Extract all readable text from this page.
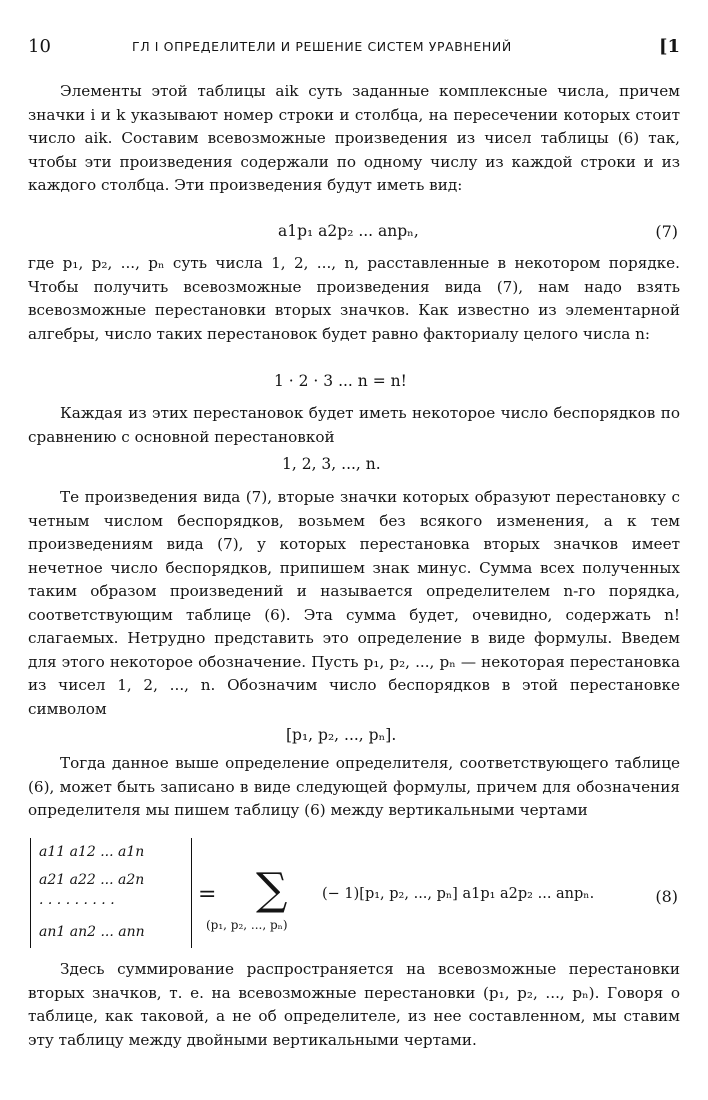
10	ГЛ I ОПРЕДЕЛИТЕЛИ И РЕШЕНИЕ СИСТЕМ УРАВНЕНИЙ	[1
Элементы этой таблицы aik суть заданные комплексные числа, причем значки i и k указывают номер строки и столбца, на пересечении которых стоит число aik. Составим всевозможные произведения из чисел таблицы (6) так, чтобы эти произведения содержали по одному числу из каждой строки и из каждого столбца. Эти произведения будут иметь вид:
a1p₁ a2p₂ ... anpₙ,	(7)
где p₁, p₂, ..., pₙ суть числа 1, 2, ..., n, расставленные в некотором порядке. Чтобы получить всевозможные произведения вида (7), нам надо взять всевозможные перестановки вторых значков. Как известно из элементарной алгебры, число таких перестановок будет равно факториалу целого числа n:
1 · 2 · 3 ... n = n!
Каждая из этих перестановок будет иметь некоторое число беспорядков по сравнению с основной перестановкой
1, 2, 3, ..., n.
Те произведения вида (7), вторые значки которых образуют перестановку с четным числом беспорядков, возьмем без всякого изменения, а к тем произведениям вида (7), у которых перестановка вторых значков имеет нечетное число беспорядков, припишем знак минус. Сумма всех полученных таким образом произведений и называется определителем n-го порядка, соответствующим таблице (6). Эта сумма будет, очевидно, содержать n! слагаемых. Нетрудно представить это определение в виде формулы. Введем для этого некоторое обозначение. Пусть p₁, p₂, ..., pₙ — некоторая перестановка из чисел 1, 2, ..., n. Обозначим число беспорядков в этой перестановке символом
[p₁, p₂, ..., pₙ].
Тогда данное выше определение определителя, соответствующего таблице (6), может быть записано в виде следующей формулы, причем для обозначения определителя мы пишем таблицу (6) между вертикальными чертами
a11 a12 ... a1n
a21 a22 ... a2n
· · · · · · · · ·
an1 an2 ... ann
= ∑
(p₁, p₂, ..., pₙ)
(− 1)[p₁, p₂, ..., pₙ] a1p₁ a2p₂ ... anpₙ.	(8)
Здесь суммирование распространяется на всевозможные перестановки вторых значков, т. е. на всевозможные перестановки (p₁, p₂, ..., pₙ). Говоря о таблице, как таковой, а не об определителе, из нее составленном, мы ставим эту таблицу между двойными вертикальными чертами.
